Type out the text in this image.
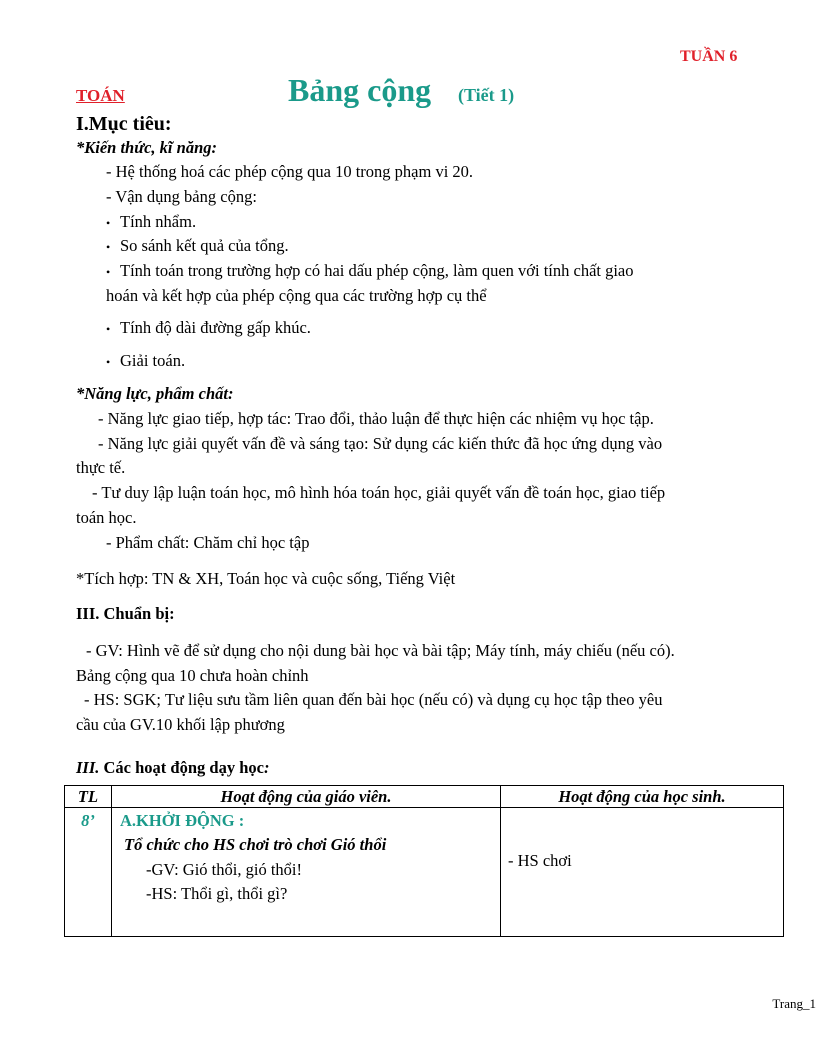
TUẦN 6
TOÁN	Bảng cộng (Tiết 1)
I.Mục tiêu:
*Kiến thức, kĩ năng:
- Hệ thống hoá các phép cộng qua 10 trong phạm vi 20.
- Vận dụng bảng cộng:
• Tính nhẩm.
• So sánh kết quả của tổng.
• Tính toán trong trường hợp có hai dấu phép cộng, làm quen với tính chất giao
hoán và kết hợp của phép cộng qua các trường hợp cụ thể
• Tính độ dài đường gấp khúc.
• Giải toán.
*Năng lực, phẩm chất:
- Năng lực giao tiếp, hợp tác: Trao đổi, thảo luận để thực hiện các nhiệm vụ học tập.
- Năng lực giải quyết vấn đề và sáng tạo: Sử dụng các kiến thức đã học ứng dụng vào
thực tế.
- Tư duy lập luận toán học, mô hình hóa toán học, giải quyết vấn đề toán học, giao tiếp
toán học.
- Phẩm chất: Chăm chỉ học tập
*Tích hợp: TN & XH, Toán học và cuộc sống, Tiếng Việt
III. Chuẩn bị:
- GV: Hình vẽ để sử dụng cho nội dung bài học và bài tập; Máy tính, máy chiếu (nếu có).
Bảng cộng qua 10 chưa hoàn chỉnh
- HS: SGK; Tư liệu sưu tầm liên quan đến bài học (nếu có) và dụng cụ học tập theo yêu
cầu của GV.10 khối lập phương
III. Các hoạt động dạy học:
TL	Hoạt động của giáo viên.	Hoạt động của học sinh.
8’	A.KHỞI ĐỘNG :
Tổ chức cho HS chơi trò chơi Gió thổi
-GV: Gió thổi, gió thổi!
-HS: Thổi gì, thổi gì?	- HS chơi
Trang_1
